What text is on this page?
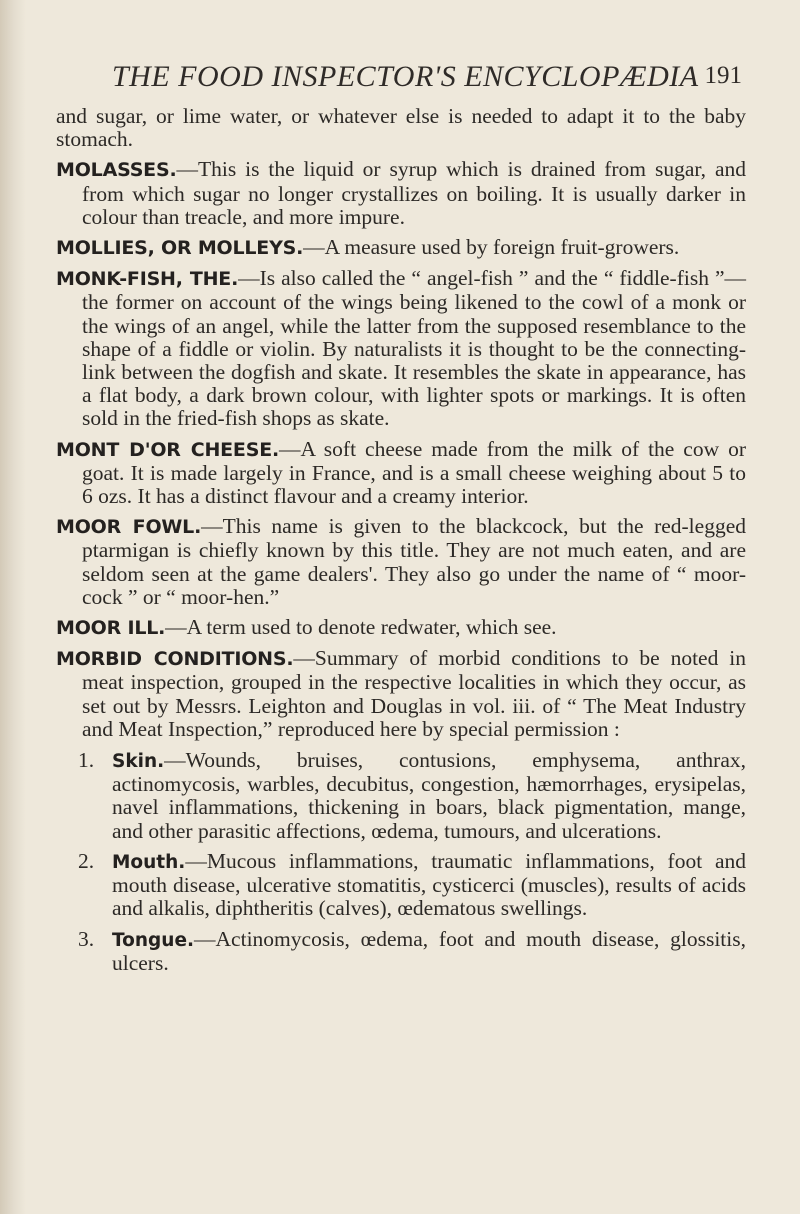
THE FOOD INSPECTOR'S ENCYCLOPÆDIA 191

and sugar, or lime water, or whatever else is needed to adapt it to the baby stomach.

MOLASSES.—This is the liquid or syrup which is drained from sugar, and from which sugar no longer crystallizes on boiling. It is usually darker in colour than treacle, and more impure.

MOLLIES, OR MOLLEYS.—A measure used by foreign fruit-growers.

MONK-FISH, THE.—Is also called the “ angel-fish ” and the “ fiddle-fish ”—the former on account of the wings being likened to the cowl of a monk or the wings of an angel, while the latter from the supposed resemblance to the shape of a fiddle or violin. By naturalists it is thought to be the connecting-link between the dogfish and skate. It resembles the skate in appearance, has a flat body, a dark brown colour, with lighter spots or markings. It is often sold in the fried-fish shops as skate.

MONT D'OR CHEESE.—A soft cheese made from the milk of the cow or goat. It is made largely in France, and is a small cheese weighing about 5 to 6 ozs. It has a distinct flavour and a creamy interior.

MOOR FOWL.—This name is given to the blackcock, but the red-legged ptarmigan is chiefly known by this title. They are not much eaten, and are seldom seen at the game dealers'. They also go under the name of “ moor-cock ” or “ moor-hen.”

MOOR ILL.—A term used to denote redwater, which see.

MORBID CONDITIONS.—Summary of morbid conditions to be noted in meat inspection, grouped in the respective localities in which they occur, as set out by Messrs. Leighton and Douglas in vol. iii. of “ The Meat Industry and Meat Inspection,” reproduced here by special permission :

1. Skin.—Wounds, bruises, contusions, emphysema, anthrax, actinomycosis, warbles, decubitus, congestion, hæmorrhages, erysipelas, navel inflammations, thickening in boars, black pigmentation, mange, and other parasitic affections, œdema, tumours, and ulcerations.
2. Mouth.—Mucous inflammations, traumatic inflammations, foot and mouth disease, ulcerative stomatitis, cysticerci (muscles), results of acids and alkalis, diphtheritis (calves), œdematous swellings.
3. Tongue.—Actinomycosis, œdema, foot and mouth disease, glossitis, ulcers.
